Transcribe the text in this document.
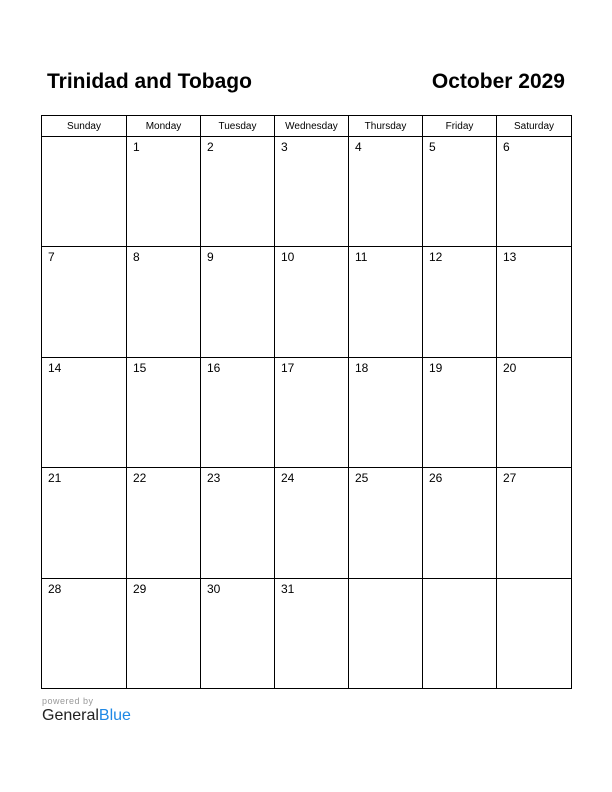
Trinidad and Tobago	October 2029
Sunday	Monday	Tuesday	Wednesday	Thursday	Friday	Saturday

	1	2	3	4	5	6

7	8	9	10	11	12	13

14	15	16	17	18	19	20

21	22	23	24	25	26	27

28	29	30	31			

powered by
GeneralBlue
